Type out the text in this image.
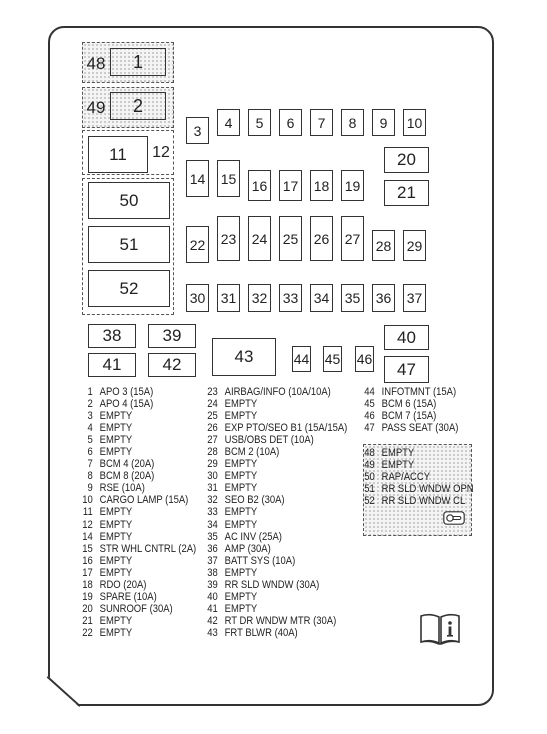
48
49
12
1
2
3	4	5	6	7	8	9	10
11
14 15 16 17 18 19
20
21
22 23 24 25 26 27 28 29
30 31 32 33 34 35 36 37
50
51
52
38	39
41	42	43	44 45 46
40
47
1 APO 3 (15A)
2 APO 4 (15A)
3 EMPTY
4 EMPTY
5 EMPTY
6 EMPTY
7 BCM 4 (20A)
8 BCM 8 (20A)
9 RSE (10A)
10 CARGO LAMP (15A)
11 EMPTY
12 EMPTY
14 EMPTY
15 STR WHL CNTRL (2A)
16 EMPTY
17 EMPTY
18 RDO (20A)
19 SPARE (10A)
20 SUNROOF (30A)
21 EMPTY
22 EMPTY
23 AIRBAG/INFO (10A/10A)
24 EMPTY
25 EMPTY
26 EXP PTO/SEO B1 (15A/15A)
27 USB/OBS DET (10A)
28 BCM 2 (10A)
29 EMPTY
30 EMPTY
31 EMPTY
32 SEO B2 (30A)
33 EMPTY
34 EMPTY
35 AC INV (25A)
36 AMP (30A)
37 BATT SYS (10A)
38 EMPTY
39 RR SLD WNDW (30A)
40 EMPTY
41 EMPTY
42 RT DR WNDW MTR (30A)
43 FRT BLWR (40A)
44 INFOTMNT (15A)
45 BCM 6 (15A)
46 BCM 7 (15A)
47 PASS SEAT (30A)
48 EMPTY
49 EMPTY
50 RAP/ACCY
51 RR SLD WNDW OPN
52 RR SLD WNDW CL
